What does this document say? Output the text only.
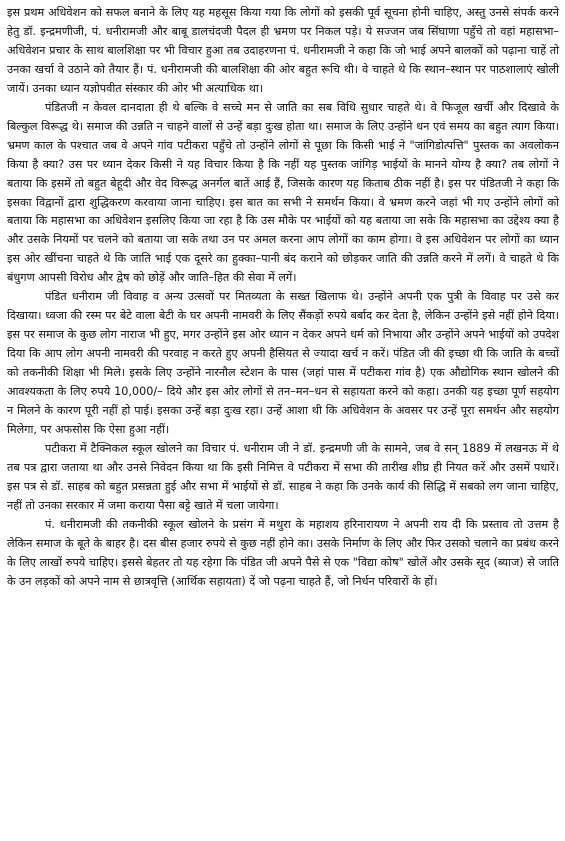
इस प्रथम अधिवेशन को सफल बनाने के लिए यह महसूस किया गया कि लोगों को इसकी पूर्व सूचना होनी चाहिए, अस्तु उनसे संपर्क करने हेतु डॉ. इन्द्रमणीजी, पं. धनीरामजी और बाबू डालचंदजी पैदल ही भ्रमण पर निकल पड़े। ये सज्जन जब सिंघाणा पहुँचे तो वहां महासभा–अधिवेशन प्रचार के साथ बालशिक्षा पर भी विचार हुआ तब उदाहरणना पं. धनीरामजी ने कहा कि जो भाई अपने बालकों को पढ़ाना चाहें तो उनका खर्चा वे उठाने को तैयार हैं। पं. धनीरामजी की बालशिक्षा की ओर बहुत रूचि थी। वे चाहते थे कि स्थान–स्थान पर पाठशालाएं खोली जायें। उनका ध्यान यज्ञोपवीत संस्कार की ओर भी अत्याधिक था।

पंडितजी न केवल दानदाता ही थे बल्कि वे सच्चे मन से जाति का सब विधि सुधार चाहते थे। वे फिजूल खर्ची और दिखावे के बिल्कुल विरूद्ध थे। समाज की उन्नति न चाहने वालों से उन्हें बड़ा दुःख होता था। समाज के लिए उन्होंने धन एवं समय का बहुत त्याग किया। भ्रमण काल के पश्चात जब वे अपने गांव पटीकरा पहुँचे तो उन्होंने लोगों से पूछा कि किसी भाई ने "जांगिडोत्पत्ति" पुस्तक का अवलोकन किया है क्या? उस पर ध्यान देकर किसी ने यह विचार किया है कि नहीं यह पुस्तक जांगिड़ भाईयों के मानने योग्य है क्या? तब लोगों ने बताया कि इसमें तो बहुत बेहूदी और वेद विरूद्ध अनर्गल बातें आई हैं, जिसके कारण यह किताब ठीक नहीं है। इस पर पंडितजी ने कहा कि इसका विद्वानों द्वारा शुद्धिकरण करवाया जाना चाहिए। इस बात का सभी ने समर्थन किया। वे भ्रमण करने जहां भी गए उन्होंने लोगों को बताया कि महासभा का अधिवेशन इसलिए किया जा रहा है कि उस मौके पर भाईयों को यह बताया जा सके कि महासभा का उद्देश्य क्या है और उसके नियमों पर चलने को बताया जा सके तथा उन पर अमल करना आप लोगों का काम होगा। वे इस अधिवेशन पर लोगों का ध्यान इस ओर खींचना चाहते थे कि जाति भाई एक दूसरे का हुक्का–पानी बंद कराने को छोड़कर जाति की उन्नति करने में लगें। वे चाहते थे कि बंधुगण आपसी विरोध और द्वेष को छोड़ें और जाति–हित की सेवा में लगें।

पंडित धनीराम जी विवाह व अन्य उत्सवों पर मितव्यता के सख्त खिलाफ थे। उन्होंने अपनी एक पुत्री के विवाह पर उसे कर दिखाया। ध्वजा की रस्म पर बेटे वाला बेटी के घर अपनी नामवरी के लिए सैंकड़ों रुपये बर्बाद कर देता है, लेकिन उन्होंने इसे नहीं होने दिया। इस पर समाज के कुछ लोग नाराज भी हुए, मगर उन्होंने इस ओर ध्यान न देकर अपने धर्म को निभाया और उन्होंने अपने भाईयों को उपदेश दिया कि आप लोग अपनी नामवरी की परवाह न करते हुए अपनी हैसियत से ज्यादा खर्च न करें। पंडित जी की इच्छा थी कि जाति के बच्चों को तकनीकी शिक्षा भी मिले। इसके लिए उन्होंने नारनौल स्टेशन के पास (जहां पास में पटीकरा गांव है) एक औद्योगिक स्थान खोलने की आवश्यकता के लिए रुपये 10,000/– दिये और इस ओर लोगों से तन–मन–धन से सहायता करने को कहा। उनकी यह इच्छा पूर्ण सहयोग न मिलने के कारण पूरी नहीं हो पाई। इसका उन्हें बड़ा दुःख रहा। उन्हें आशा थी कि अधिवेशन के अवसर पर उन्हें पूरा समर्थन और सहयोग मिलेगा, पर अफसोस कि ऐसा हुआ नहीं।

पटीकरा में टैक्निकल स्कूल खोलने का विचार पं. धनीराम जी ने डॉ. इन्द्रमणी जी के सामने, जब वे सन् 1889 में लखनऊ में थे तब पत्र द्वारा जताया था और उनसे निवेदन किया था कि इसी निमित्त वे पटीकरा में सभा की तारीख शीघ्र ही नियत करें और उसमें पधारें। इस पत्र से डॉ. साहब को बहुत प्रसन्नता हुई और सभा में भाईयों से डॉ. साहब ने कहा कि उनके कार्य की सिद्धि में सबको लग जाना चाहिए, नहीं तो उनका सरकार में जमा कराया पैसा बट्टे खाते में चला जायेगा।

पं. धनीरामजी की तकनीकी स्कूल खोलने के प्रसंग में मथुरा के महाशय हरिनारायण ने अपनी राय दी कि प्रस्ताव तो उत्तम है लेकिन समाज के बूते के बाहर है। दस बीस हजार रुपये से कुछ नहीं होने का। उसके निर्माण के लिए और फिर उसको चलाने का प्रबंध करने के लिए लाखों रुपये चाहिए। इससे बेहतर तो यह रहेगा कि पंडित जी अपने पैसे से एक "विद्या कोष" खोलें और उसके सूद (ब्याज) से जाति के उन लड़कों को अपने नाम से छात्रवृत्ति (आर्थिक सहायता) दें जो पढ़ना चाहते हैं, जो निर्धन परिवारों के हों।
